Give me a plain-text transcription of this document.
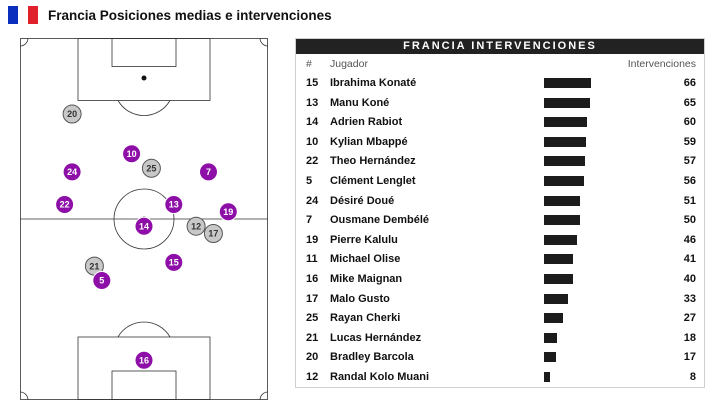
Francia Posiciones medias e intervenciones
24
22
10
25	7
13
19
14	12
17
20
15
21
5
16
FRANCIA INTERVENCIONES
# Jugador	Intervenciones
15	Ibrahima Konaté	66
13	Manu Koné	65
14	Adrien Rabiot	60
10	Kylian Mbappé	59
22	Theo Hernández	57
5	Clément Lenglet	56
24	Désiré Doué	51
7	Ousmane Dembélé	50
19	Pierre Kalulu	46
11	Michael Olise	41
16	Mike Maignan	40
17	Malo Gusto	33
25	Rayan Cherki	27
21	Lucas Hernández	18
20	Bradley Barcola	17
12	Randal Kolo Muani	8
